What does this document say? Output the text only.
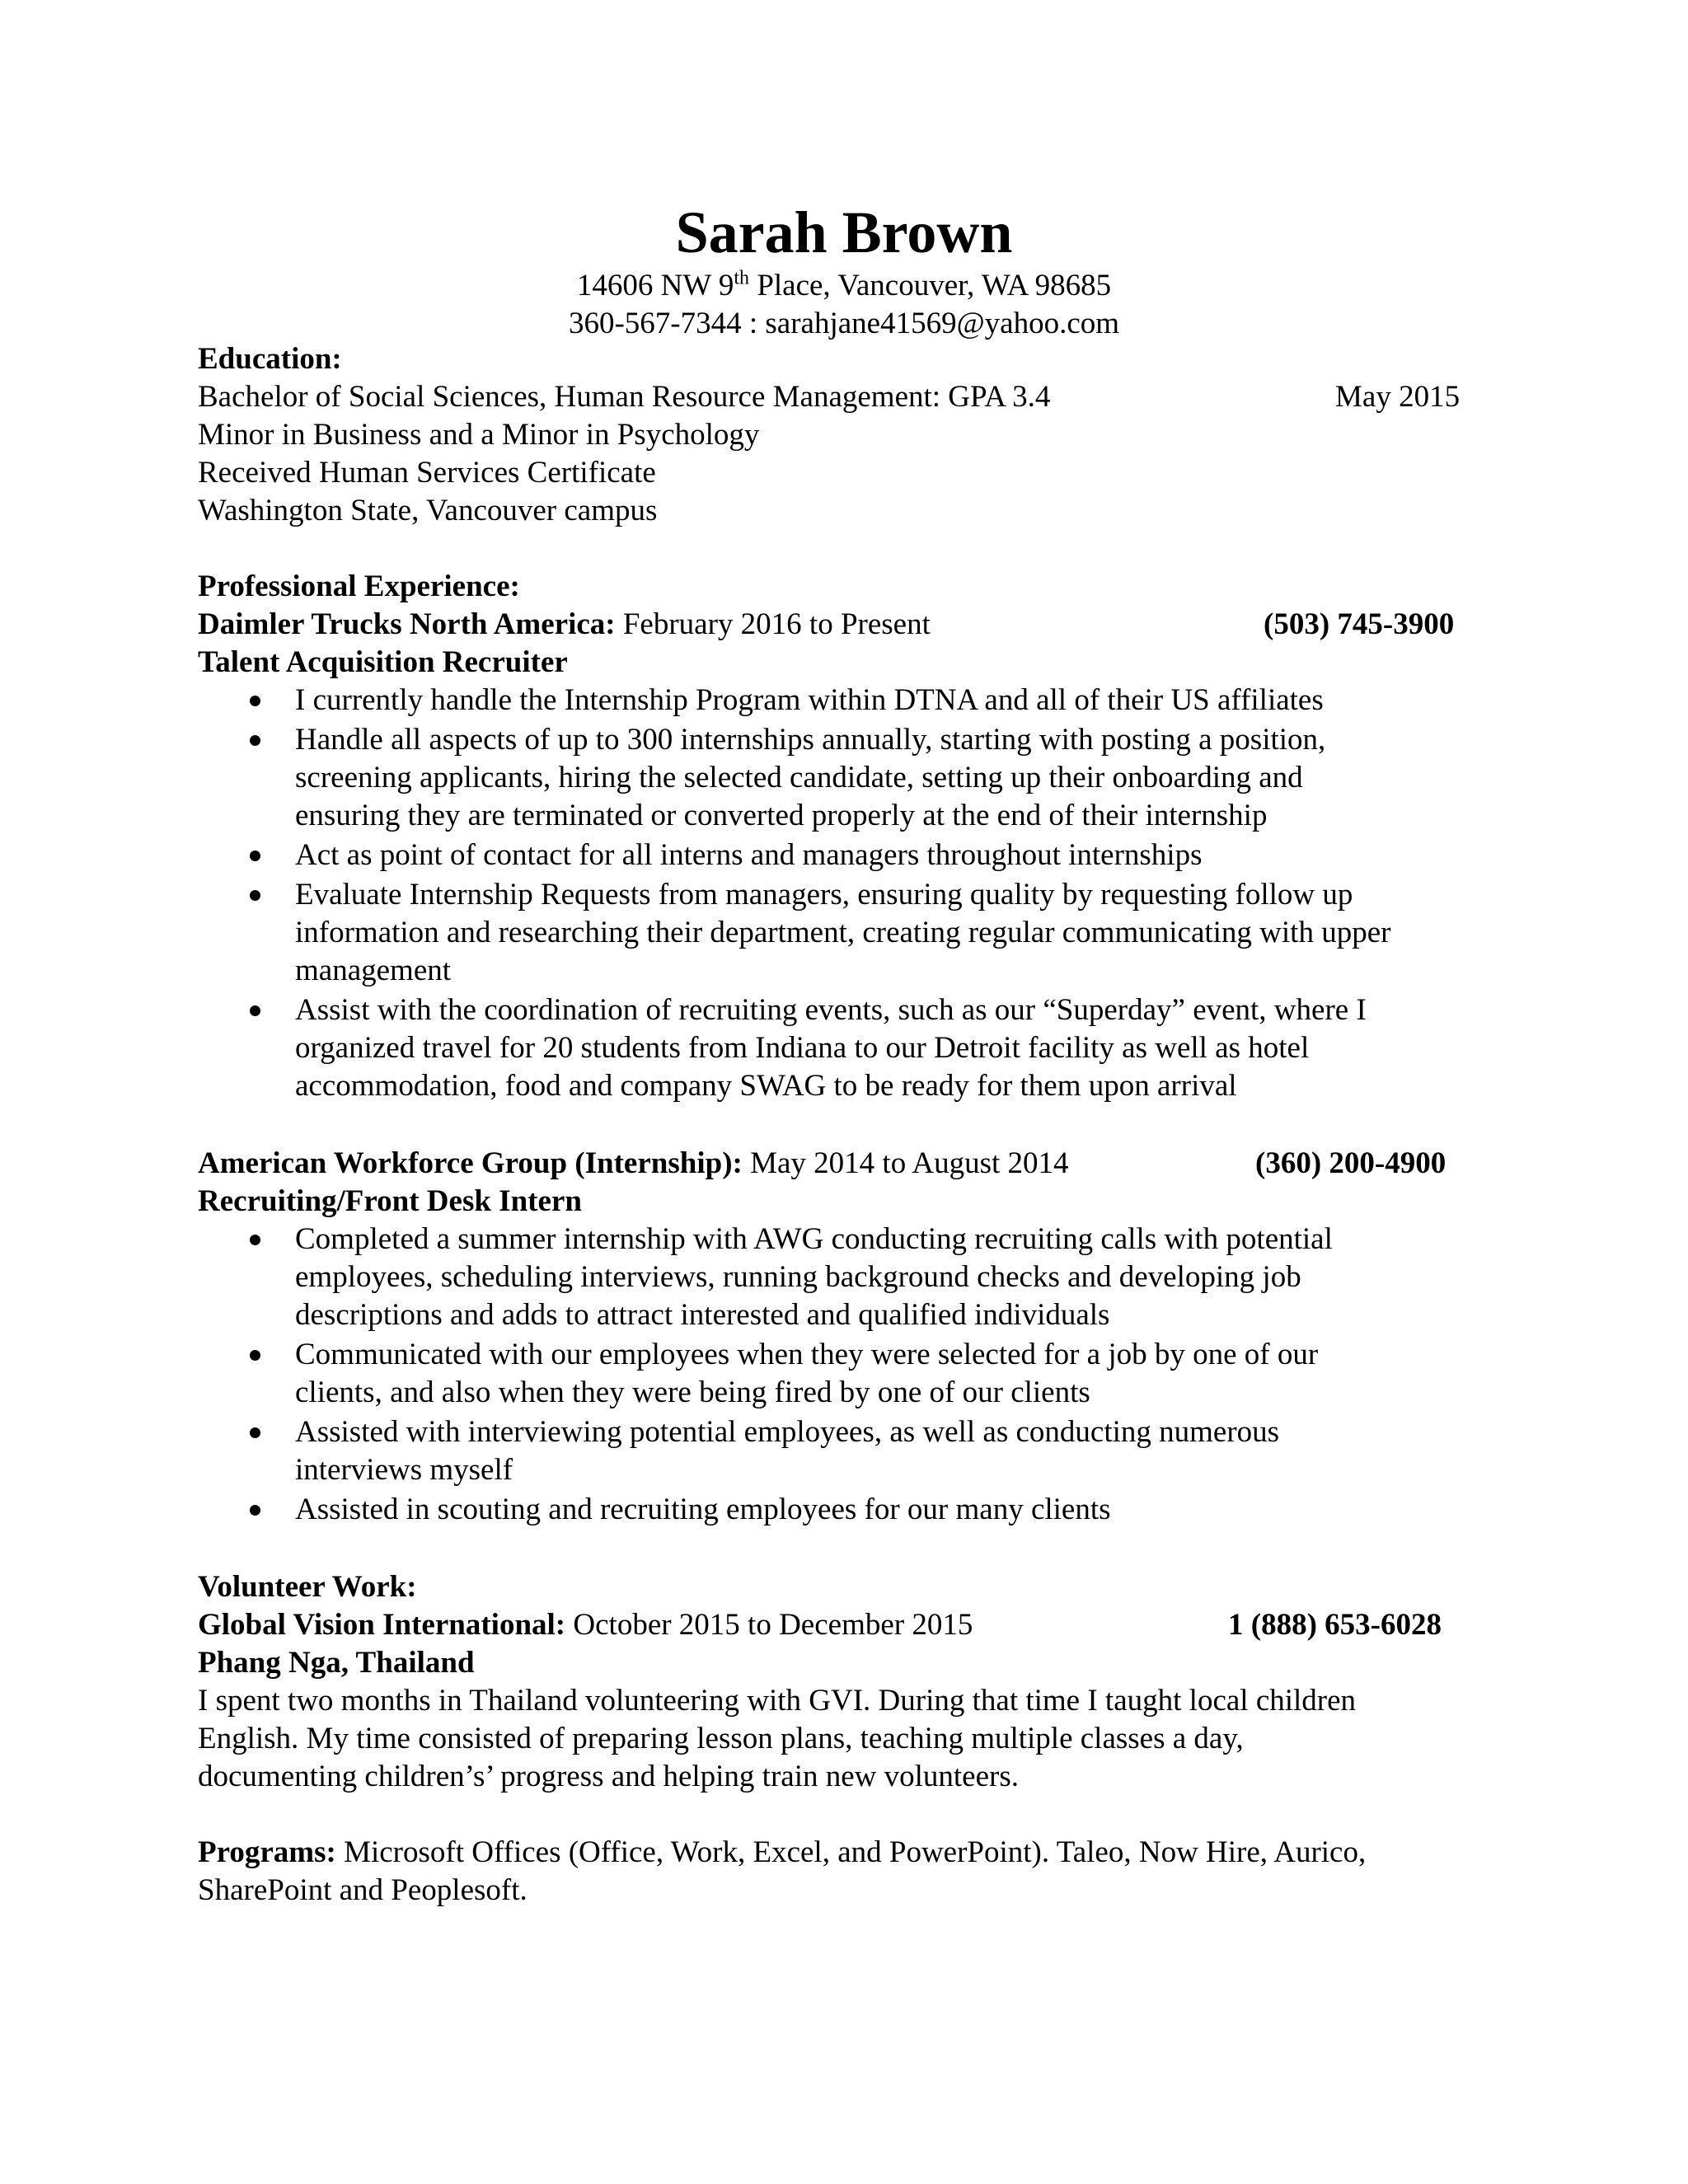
Sarah Brown

14606 NW 9th Place, Vancouver, WA 98685

360-567-7344 : sarahjane41569@yahoo.com

Education:
Bachelor of Social Sciences, Human Resource Management: GPA 3.4	May 2015
Minor in Business and a Minor in Psychology
Received Human Services Certificate
Washington State, Vancouver campus
Professional Experience:
Daimler Trucks North America: February 2016 to Present	(503) 745-3900
Talent Acquisition Recruiter
I currently handle the Internship Program within DTNA and all of their US affiliates
Handle all aspects of up to 300 internships annually, starting with posting a position,
screening applicants, hiring the selected candidate, setting up their onboarding and
ensuring they are terminated or converted properly at the end of their internship
Act as point of contact for all interns and managers throughout internships
Evaluate Internship Requests from managers, ensuring quality by requesting follow up
information and researching their department, creating regular communicating with upper
management
Assist with the coordination of recruiting events, such as our “Superday” event, where I
organized travel for 20 students from Indiana to our Detroit facility as well as hotel
accommodation, food and company SWAG to be ready for them upon arrival
American Workforce Group (Internship): May 2014 to August 2014	(360) 200-4900
Recruiting/Front Desk Intern
Completed a summer internship with AWG conducting recruiting calls with potential
employees, scheduling interviews, running background checks and developing job
descriptions and adds to attract interested and qualified individuals
Communicated with our employees when they were selected for a job by one of our
clients, and also when they were being fired by one of our clients
Assisted with interviewing potential employees, as well as conducting numerous
interviews myself
Assisted in scouting and recruiting employees for our many clients
Volunteer Work:
Global Vision International: October 2015 to December 2015	1 (888) 653-6028
Phang Nga, Thailand

I spent two months in Thailand volunteering with GVI. During that time I taught local children
English. My time consisted of preparing lesson plans, teaching multiple classes a day,
documenting children’s’ progress and helping train new volunteers.

Programs: Microsoft Offices (Office, Work, Excel, and PowerPoint). Taleo, Now Hire, Aurico,
SharePoint and Peoplesoft.
